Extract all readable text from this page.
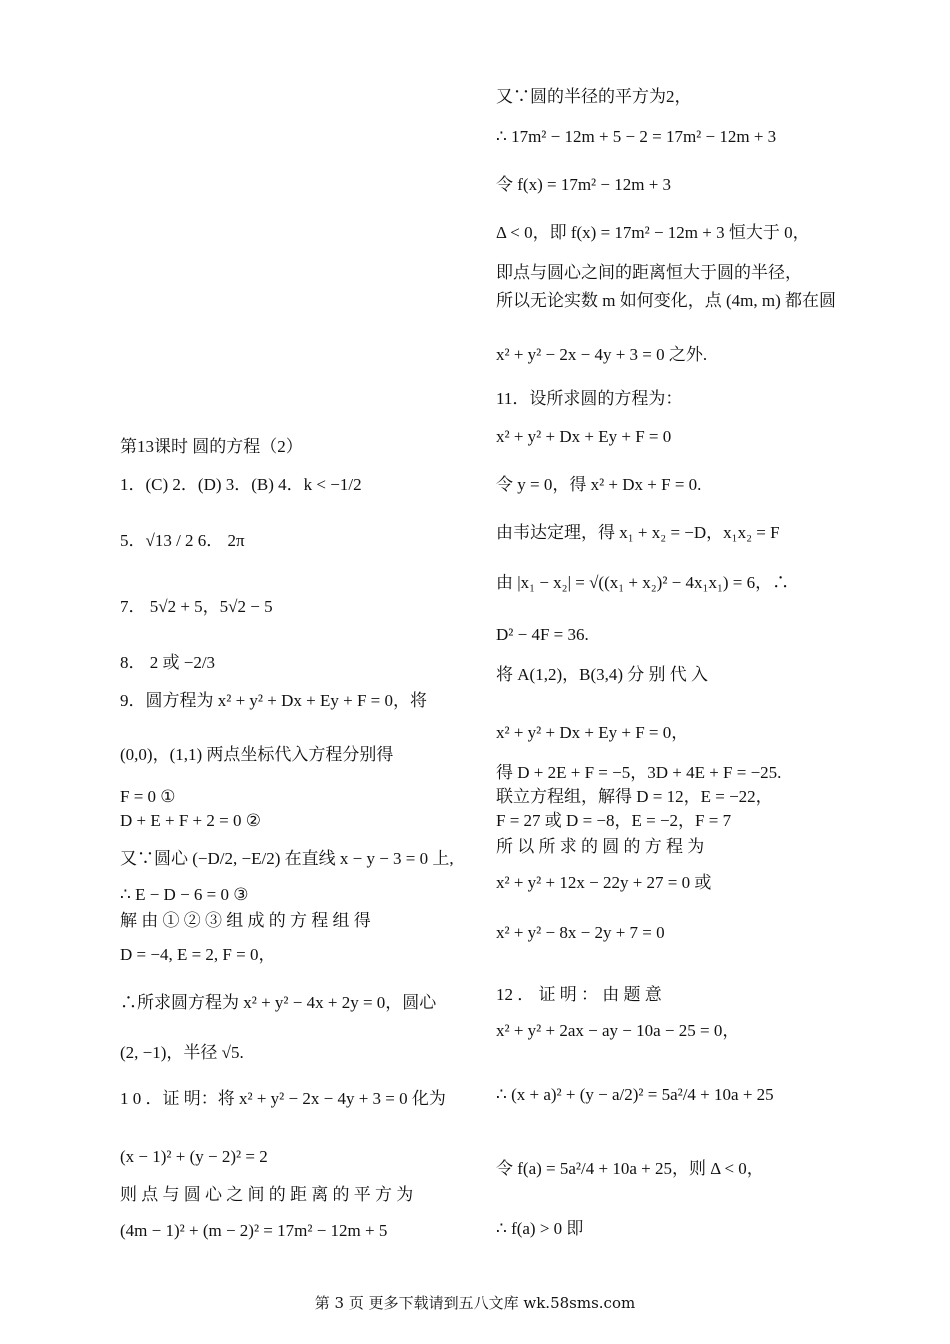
又∵圆的半径的平方为2，
∴ 17m² − 12m + 5 − 2 = 17m² − 12m + 3
令 f(x) = 17m² − 12m + 3
Δ < 0，即 f(x) = 17m² − 12m + 3 恒大于 0，
即点与圆心之间的距离恒大于圆的半径，
所以无论实数 m 如何变化，点 (4m, m) 都在圆
x² + y² − 2x − 4y + 3 = 0 之外.
11．设所求圆的方程为：
x² + y² + Dx + Ey + F = 0
令 y = 0，得 x² + Dx + F = 0.
由韦达定理，得 x₁ + x₂ = −D，x₁x₂ = F
由 |x₁ − x₂| = √((x₁ + x₂)² − 4x₁x₁) = 6，∴
D² − 4F = 36.
将 A(1,2)，B(3,4) 分 别 代 入
x² + y² + Dx + Ey + F = 0，
得 D + 2E + F = −5，3D + 4E + F = −25.
联立方程组，解得 D = 12，E = −22，
F = 27 或 D = −8，E = −2，F = 7
所 以 所 求 的 圆 的 方 程 为
x² + y² + 12x − 22y + 27 = 0 或
x² + y² − 8x − 2y + 7 = 0
12 ． 证 明 ： 由 题 意
x² + y² + 2ax − ay − 10a − 25 = 0，
∴ (x + a)² + (y − a/2)² = 5a²/4 + 10a + 25
令 f(a) = 5a²/4 + 10a + 25，则 Δ < 0，
∴ f(a) > 0 即
第13课时 圆的方程（2）
1．(C) 2．(D) 3．(B) 4．k < −1/2
5．√13 / 2 6． 2π
7． 5√2 + 5，5√2 − 5
8． 2 或 −2/3
9．圆方程为 x² + y² + Dx + Ey + F = 0，将
(0,0)，(1,1) 两点坐标代入方程分别得
F = 0 ①
D + E + F + 2 = 0 ②
又∵圆心 (−D/2, −E/2) 在直线 x − y − 3 = 0 上,
∴ E − D − 6 = 0 ③
解 由 ① ② ③ 组 成 的 方 程 组 得
D = −4, E = 2, F = 0，
∴所求圆方程为 x² + y² − 4x + 2y = 0，圆心
(2, −1)，半径 √5.
1 0 ．证 明：将 x² + y² − 2x − 4y + 3 = 0 化为
(x − 1)² + (y − 2)² = 2
则 点 与 圆 心 之 间 的 距 离 的 平 方 为
(4m − 1)² + (m − 2)² = 17m² − 12m + 5
第 3 页 更多下载请到五八文库 wk.58sms.com
